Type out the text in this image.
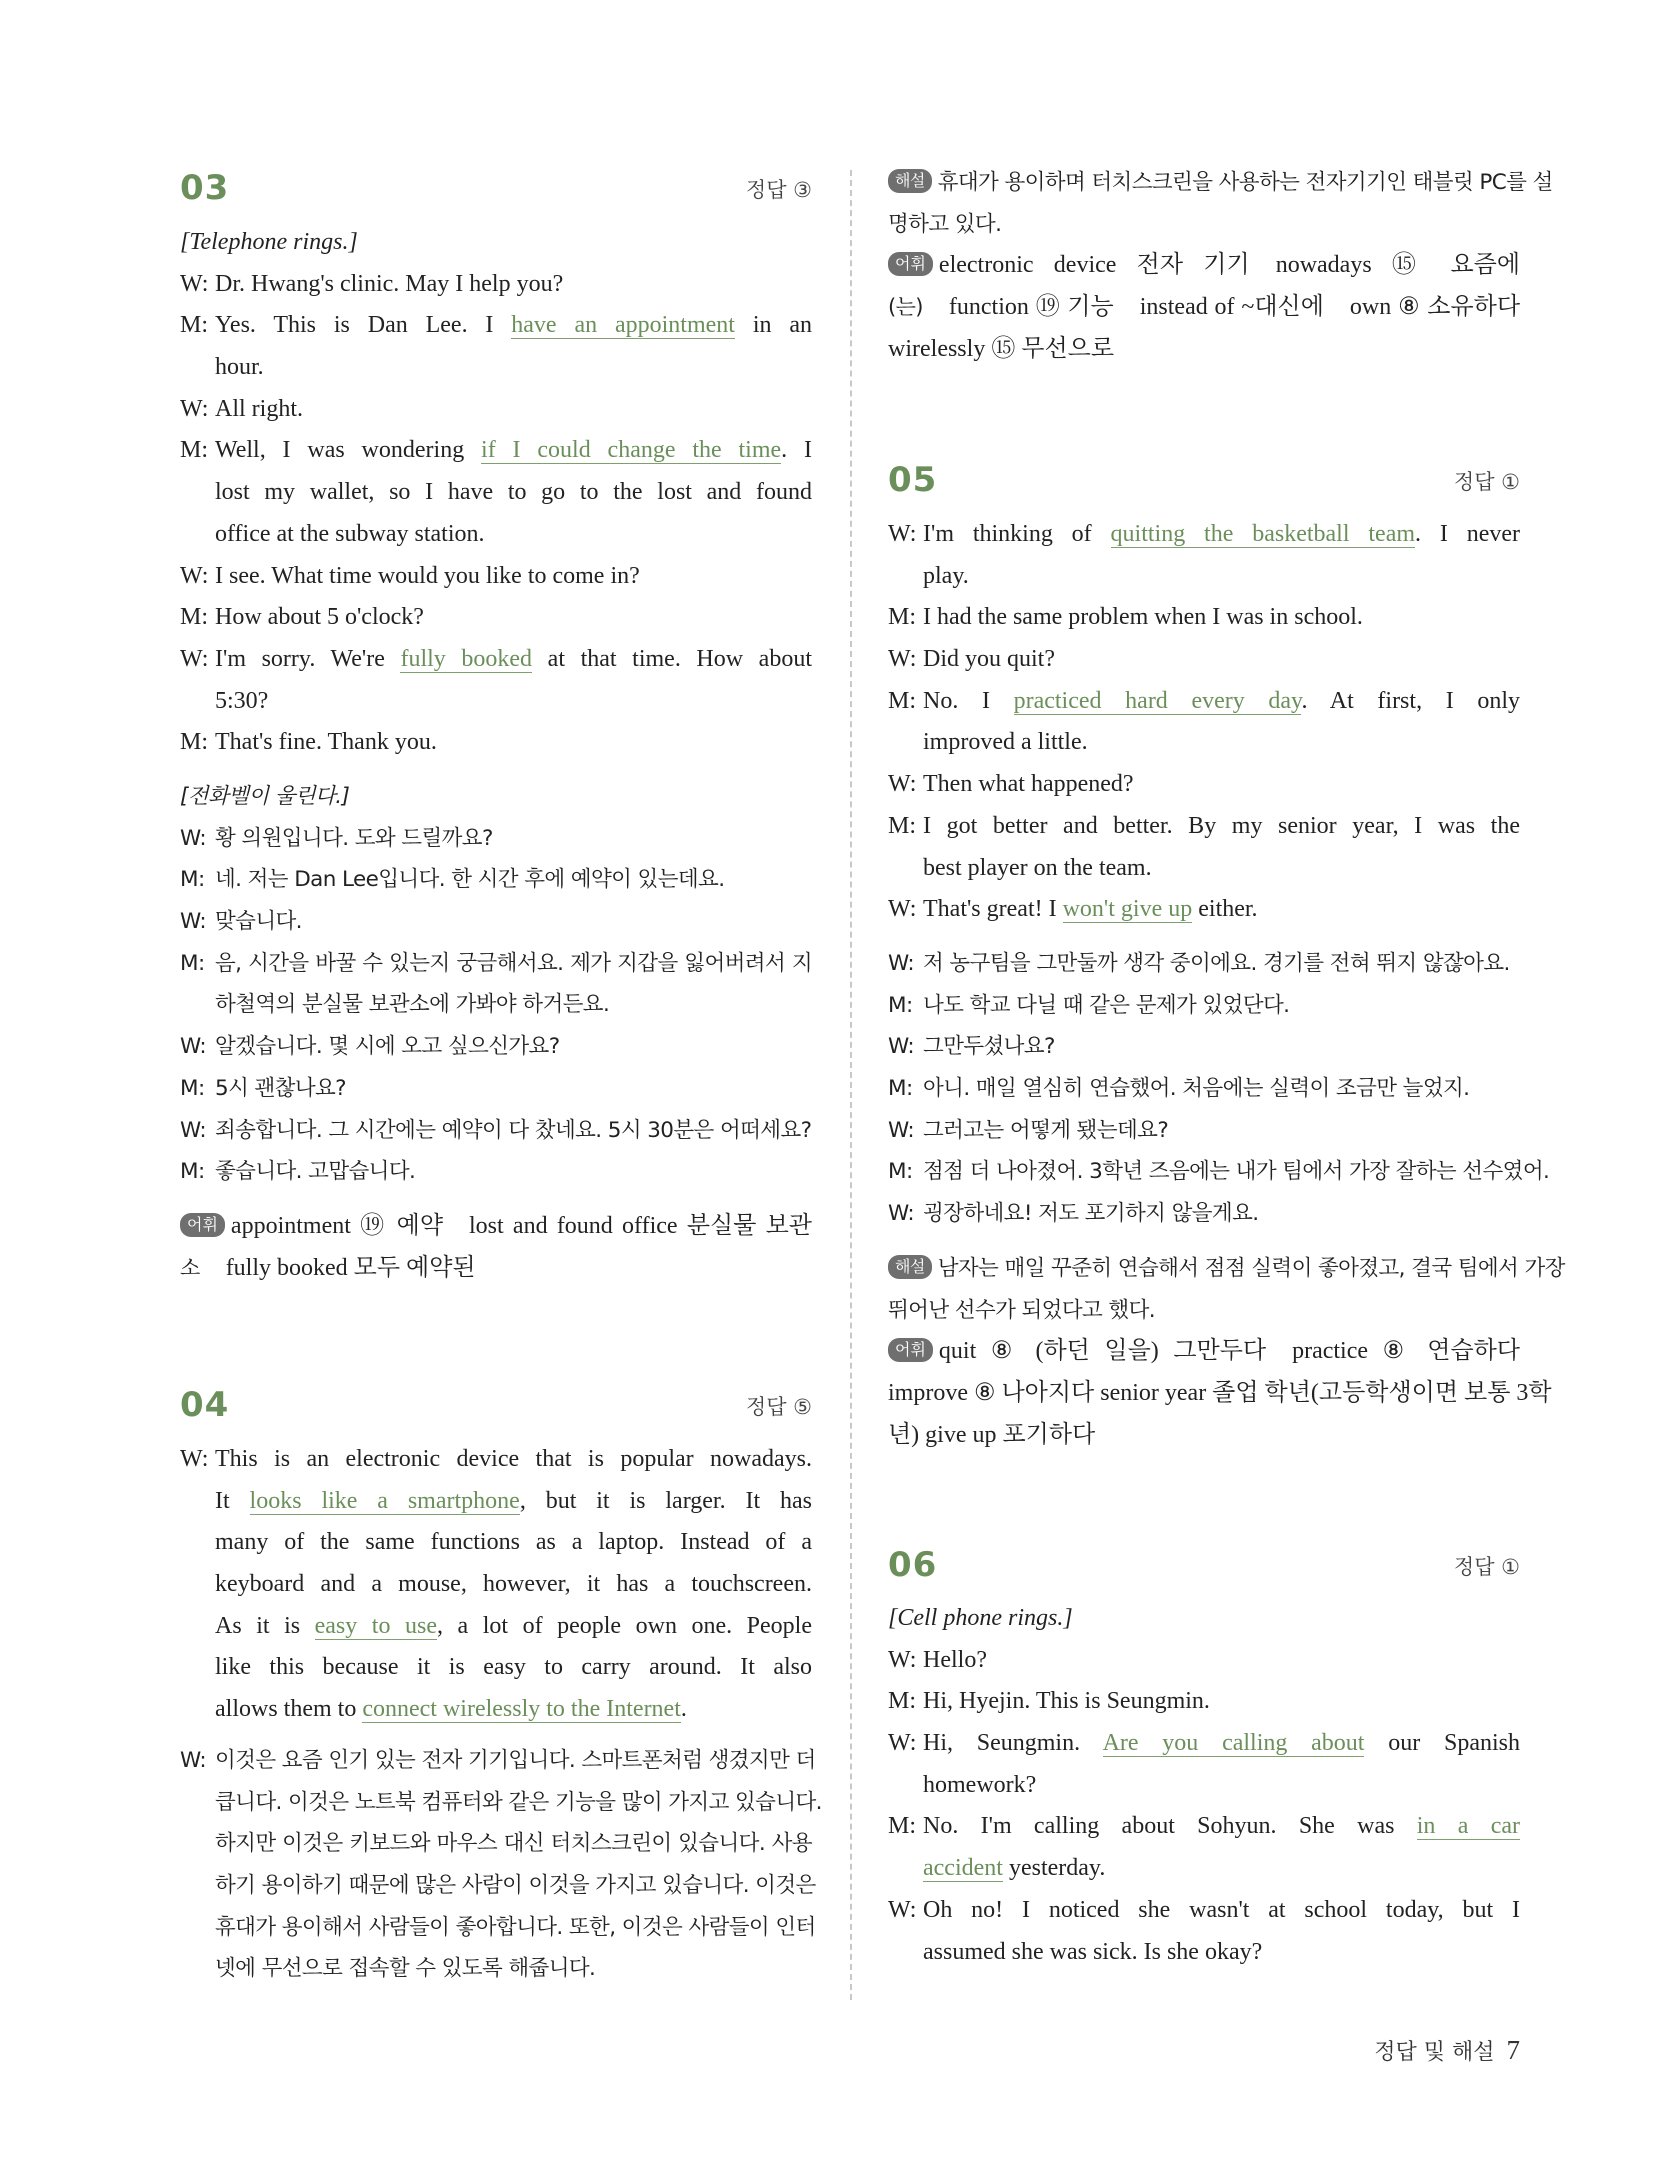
03	정답 ③
[Telephone rings.]
W: Dr. Hwang's clinic. May I help you?
M: Yes. This is Dan Lee. I have an appointment in an
hour.
W: All right.
M: Well, I was wondering if I could change the time. I
lost my wallet, so I have to go to the lost and found
office at the subway station.
W: I see. What time would you like to come in?
M: How about 5 o'clock?
W: I'm sorry. We're fully booked at that time. How about
5:30?
M: That's fine. Thank you.
[전화벨이 울린다.]
W: 황 의원입니다. 도와 드릴까요?
M: 네. 저는 Dan Lee입니다. 한 시간 후에 예약이 있는데요.
W: 맞습니다.
M: 음, 시간을 바꿀 수 있는지 궁금해서요. 제가 지갑을 잃어버려서 지
하철역의 분실물 보관소에 가봐야 하거든요.
W: 알겠습니다. 몇 시에 오고 싶으신가요?
M: 5시 괜찮나요?
W: 죄송합니다. 그 시간에는 예약이 다 찼네요. 5시 30분은 어떠세요?
M: 좋습니다. 고맙습니다.
어휘 appointment ⑲ 예약 lost and found office 분실물 보관
소 fully booked 모두 예약된
04	정답 ⑤
W: This is an electronic device that is popular nowadays.
It looks like a smartphone, but it is larger. It has
many of the same functions as a laptop. Instead of a
keyboard and a mouse, however, it has a touchscreen.
As it is easy to use, a lot of people own one. People
like this because it is easy to carry around. It also
allows them to connect wirelessly to the Internet.
W: 이것은 요즘 인기 있는 전자 기기입니다. 스마트폰처럼 생겼지만 더
큽니다. 이것은 노트북 컴퓨터와 같은 기능을 많이 가지고 있습니다.
하지만 이것은 키보드와 마우스 대신 터치스크린이 있습니다. 사용
하기 용이하기 때문에 많은 사람이 이것을 가지고 있습니다. 이것은
휴대가 용이해서 사람들이 좋아합니다. 또한, 이것은 사람들이 인터
넷에 무선으로 접속할 수 있도록 해줍니다.
해설 휴대가 용이하며 터치스크린을 사용하는 전자기기인 태블릿 PC를 설
명하고 있다.
어휘 electronic device 전자 기기 nowadays ⑮ 요즘에
(는) function ⑲ 기능 instead of ~대신에 own ⑧ 소유하다
wirelessly ⑮ 무선으로
05	정답 ①
W: I'm thinking of quitting the basketball team. I never
play.
M: I had the same problem when I was in school.
W: Did you quit?
M: No. I practiced hard every day. At first, I only
improved a little.
W: Then what happened?
M: I got better and better. By my senior year, I was the
best player on the team.
W: That's great! I won't give up either.
W: 저 농구팀을 그만둘까 생각 중이에요. 경기를 전혀 뛰지 않잖아요.
M: 나도 학교 다닐 때 같은 문제가 있었단다.
W: 그만두셨나요?
M: 아니. 매일 열심히 연습했어. 처음에는 실력이 조금만 늘었지.
W: 그러고는 어떻게 됐는데요?
M: 점점 더 나아졌어. 3학년 즈음에는 내가 팀에서 가장 잘하는 선수였어.
W: 굉장하네요! 저도 포기하지 않을게요.
해설 남자는 매일 꾸준히 연습해서 점점 실력이 좋아졌고, 결국 팀에서 가장
뛰어난 선수가 되었다고 했다.
어휘 quit ⑧ (하던 일을) 그만두다 practice ⑧ 연습하다
improve ⑧ 나아지다 senior year 졸업 학년(고등학생이면 보통 3학
년) give up 포기하다
06	정답 ①
[Cell phone rings.]
W: Hello?
M: Hi, Hyejin. This is Seungmin.
W: Hi, Seungmin. Are you calling about our Spanish
homework?
M: No. I'm calling about Sohyun. She was in a car
accident yesterday.
W: Oh no! I noticed she wasn't at school today, but I
assumed she was sick. Is she okay?
정답 및 해설 7
